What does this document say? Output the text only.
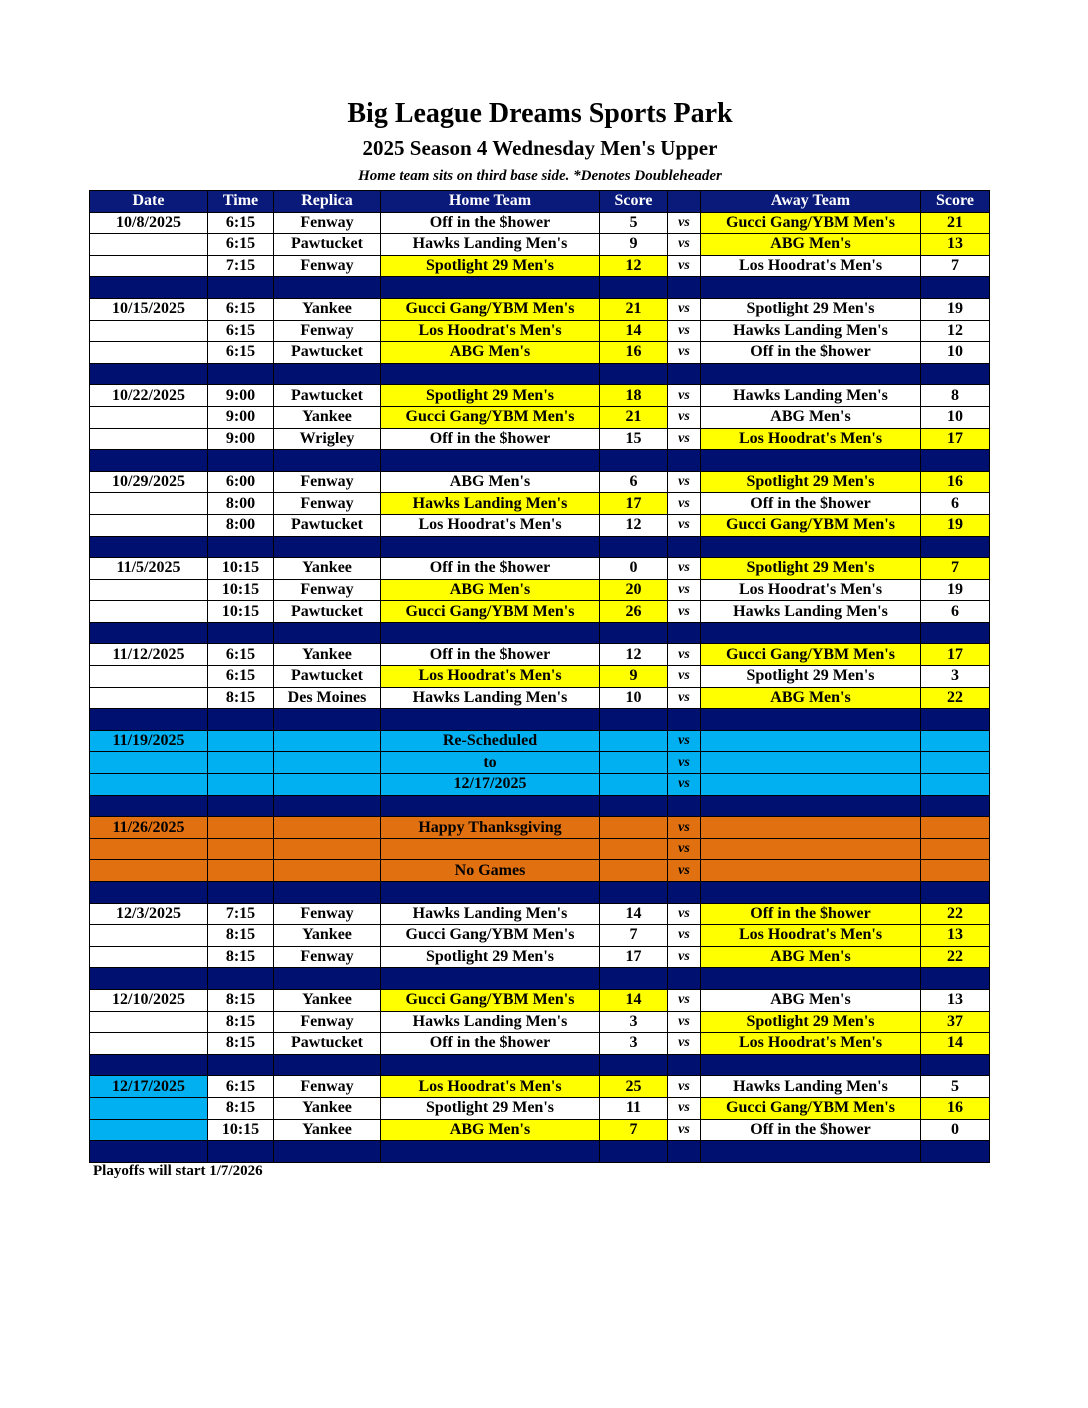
Big League Dreams Sports Park
2025 Season 4 Wednesday Men's Upper
Home team sits on third base side. *Denotes Doubleheader
Date	Time	Replica	Home Team	Score		Away Team	Score
10/8/2025	6:15	Fenway	Off in the $hower	5	vs	Gucci Gang/YBM Men's	21
	6:15	Pawtucket	Hawks Landing Men's	9	vs	ABG Men's	13
	7:15	Fenway	Spotlight 29 Men's	12	vs	Los Hoodrat's Men's	7

10/15/2025	6:15	Yankee	Gucci Gang/YBM Men's	21	vs	Spotlight 29 Men's	19
	6:15	Fenway	Los Hoodrat's Men's	14	vs	Hawks Landing Men's	12
	6:15	Pawtucket	ABG Men's	16	vs	Off in the $hower	10

10/22/2025	9:00	Pawtucket	Spotlight 29 Men's	18	vs	Hawks Landing Men's	8
	9:00	Yankee	Gucci Gang/YBM Men's	21	vs	ABG Men's	10
	9:00	Wrigley	Off in the $hower	15	vs	Los Hoodrat's Men's	17

10/29/2025	6:00	Fenway	ABG Men's	6	vs	Spotlight 29 Men's	16
	8:00	Fenway	Hawks Landing Men's	17	vs	Off in the $hower	6
	8:00	Pawtucket	Los Hoodrat's Men's	12	vs	Gucci Gang/YBM Men's	19

11/5/2025	10:15	Yankee	Off in the $hower	0	vs	Spotlight 29 Men's	7
	10:15	Fenway	ABG Men's	20	vs	Los Hoodrat's Men's	19
	10:15	Pawtucket	Gucci Gang/YBM Men's	26	vs	Hawks Landing Men's	6

11/12/2025	6:15	Yankee	Off in the $hower	12	vs	Gucci Gang/YBM Men's	17
	6:15	Pawtucket	Los Hoodrat's Men's	9	vs	Spotlight 29 Men's	3
	8:15	Des Moines	Hawks Landing Men's	10	vs	ABG Men's	22

11/19/2025			Re-Scheduled		vs		
			to		vs		
			12/17/2025		vs		

11/26/2025			Happy Thanksgiving		vs		
					vs		
			No Games		vs		

12/3/2025	7:15	Fenway	Hawks Landing Men's	14	vs	Off in the $hower	22
	8:15	Yankee	Gucci Gang/YBM Men's	7	vs	Los Hoodrat's Men's	13
	8:15	Fenway	Spotlight 29 Men's	17	vs	ABG Men's	22

12/10/2025	8:15	Yankee	Gucci Gang/YBM Men's	14	vs	ABG Men's	13
	8:15	Fenway	Hawks Landing Men's	3	vs	Spotlight 29 Men's	37
	8:15	Pawtucket	Off in the $hower	3	vs	Los Hoodrat's Men's	14

12/17/2025	6:15	Fenway	Los Hoodrat's Men's	25	vs	Hawks Landing Men's	5
	8:15	Yankee	Spotlight 29 Men's	11	vs	Gucci Gang/YBM Men's	16
	10:15	Yankee	ABG Men's	7	vs	Off in the $hower	0

Playoffs will start 1/7/2026
